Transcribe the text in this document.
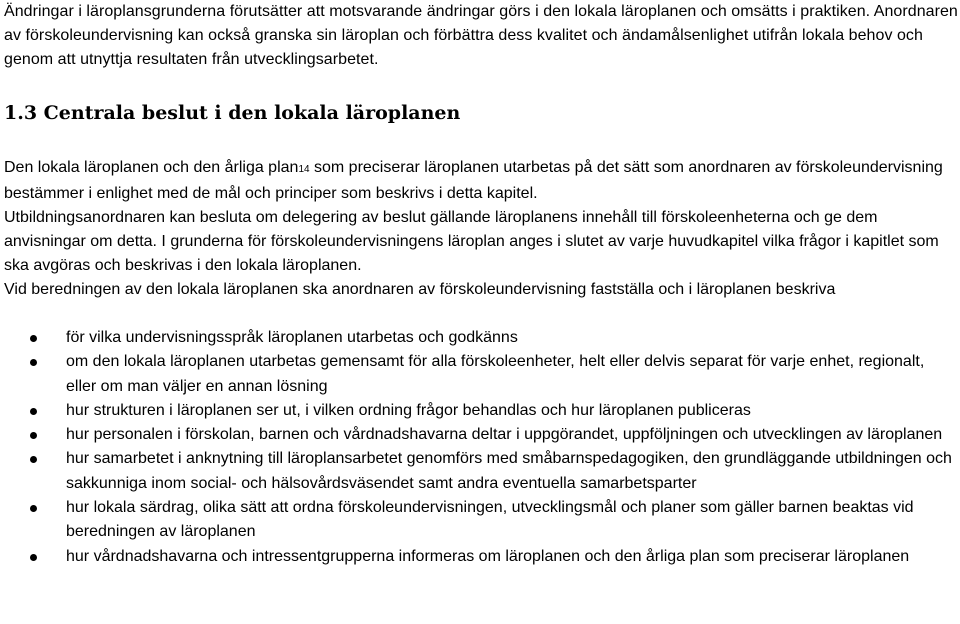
Ändringar i läroplansgrunderna förutsätter att motsvarande ändringar görs i den lokala läroplanen och omsätts i praktiken. Anordnaren av förskoleundervisning kan också granska sin läroplan och förbättra dess kvalitet och ändamålsenlighet utifrån lokala behov och genom att utnyttja resultaten från utvecklingsarbetet.

1.3 Centrala beslut i den lokala läroplanen

Den lokala läroplanen och den årliga plan14 som preciserar läroplanen utarbetas på det sätt som anordnaren av förskoleundervisning bestämmer i enlighet med de mål och principer som beskrivs i detta kapitel.

Utbildningsanordnaren kan besluta om delegering av beslut gällande läroplanens innehåll till förskoleenheterna och ge dem anvisningar om detta. I grunderna för förskoleundervisningens läroplan anges i slutet av varje huvudkapitel vilka frågor i kapitlet som ska avgöras och beskrivas i den lokala läroplanen.

Vid beredningen av den lokala läroplanen ska anordnaren av förskoleundervisning fastställa och i läroplanen beskriva

för vilka undervisningsspråk läroplanen utarbetas och godkänns
om den lokala läroplanen utarbetas gemensamt för alla förskoleenheter, helt eller delvis separat för varje enhet, regionalt, eller om man väljer en annan lösning
hur strukturen i läroplanen ser ut, i vilken ordning frågor behandlas och hur läroplanen publiceras
hur personalen i förskolan, barnen och vårdnadshavarna deltar i uppgörandet, uppföljningen och utvecklingen av läroplanen
hur samarbetet i anknytning till läroplansarbetet genomförs med småbarnspedagogiken, den grundläggande utbildningen och sakkunniga inom social- och hälsovårdsväsendet samt andra eventuella samarbetsparter
hur lokala särdrag, olika sätt att ordna förskoleundervisningen, utvecklingsmål och planer som gäller barnen beaktas vid beredningen av läroplanen
hur vårdnadshavarna och intressentgrupperna informeras om läroplanen och den årliga plan som preciserar läroplanen
